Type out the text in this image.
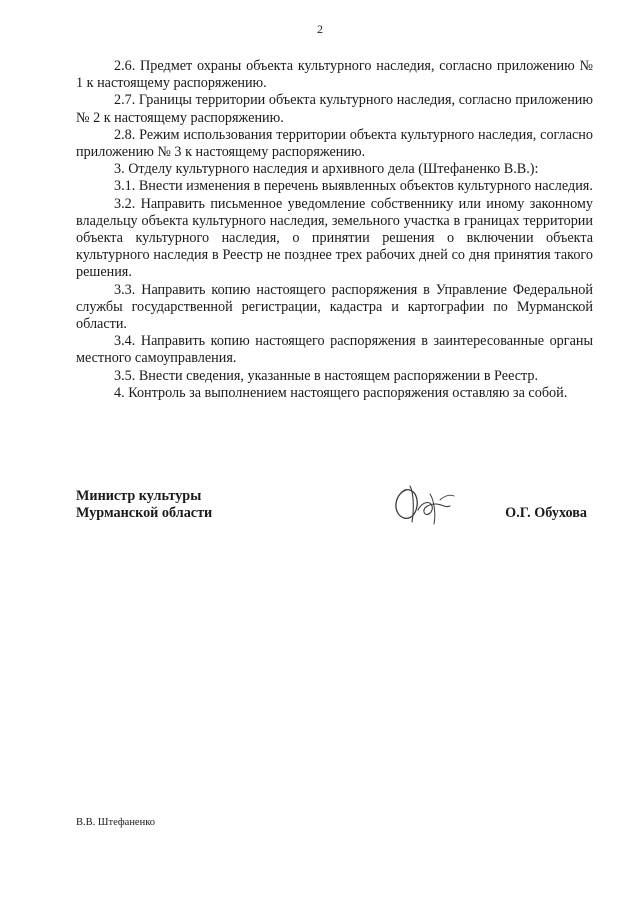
2

2.6. Предмет охраны объекта культурного наследия, согласно приложению № 1 к настоящему распоряжению.

2.7. Границы территории объекта культурного наследия, согласно приложению № 2 к настоящему распоряжению.

2.8. Режим использования территории объекта культурного наследия, согласно приложению № 3 к настоящему распоряжению.

3. Отделу культурного наследия и архивного дела (Штефаненко В.В.):

3.1. Внести изменения в перечень выявленных объектов культурного наследия.

3.2. Направить письменное уведомление собственнику или иному законному владельцу объекта культурного наследия, земельного участка в границах территории объекта культурного наследия, о принятии решения о включении объекта культурного наследия в Реестр не позднее трех рабочих дней со дня принятия такого решения.

3.3. Направить копию настоящего распоряжения в Управление Федеральной службы государственной регистрации, кадастра и картографии по Мурманской области.

3.4. Направить копию настоящего распоряжения в заинтересованные органы местного самоуправления.

3.5. Внести сведения, указанные в настоящем распоряжении в Реестр.

4. Контроль за выполнением настоящего распоряжения оставляю за собой.

Министр культуры
Мурманской области	О.Г. Обухова
В.В. Штефаненко
